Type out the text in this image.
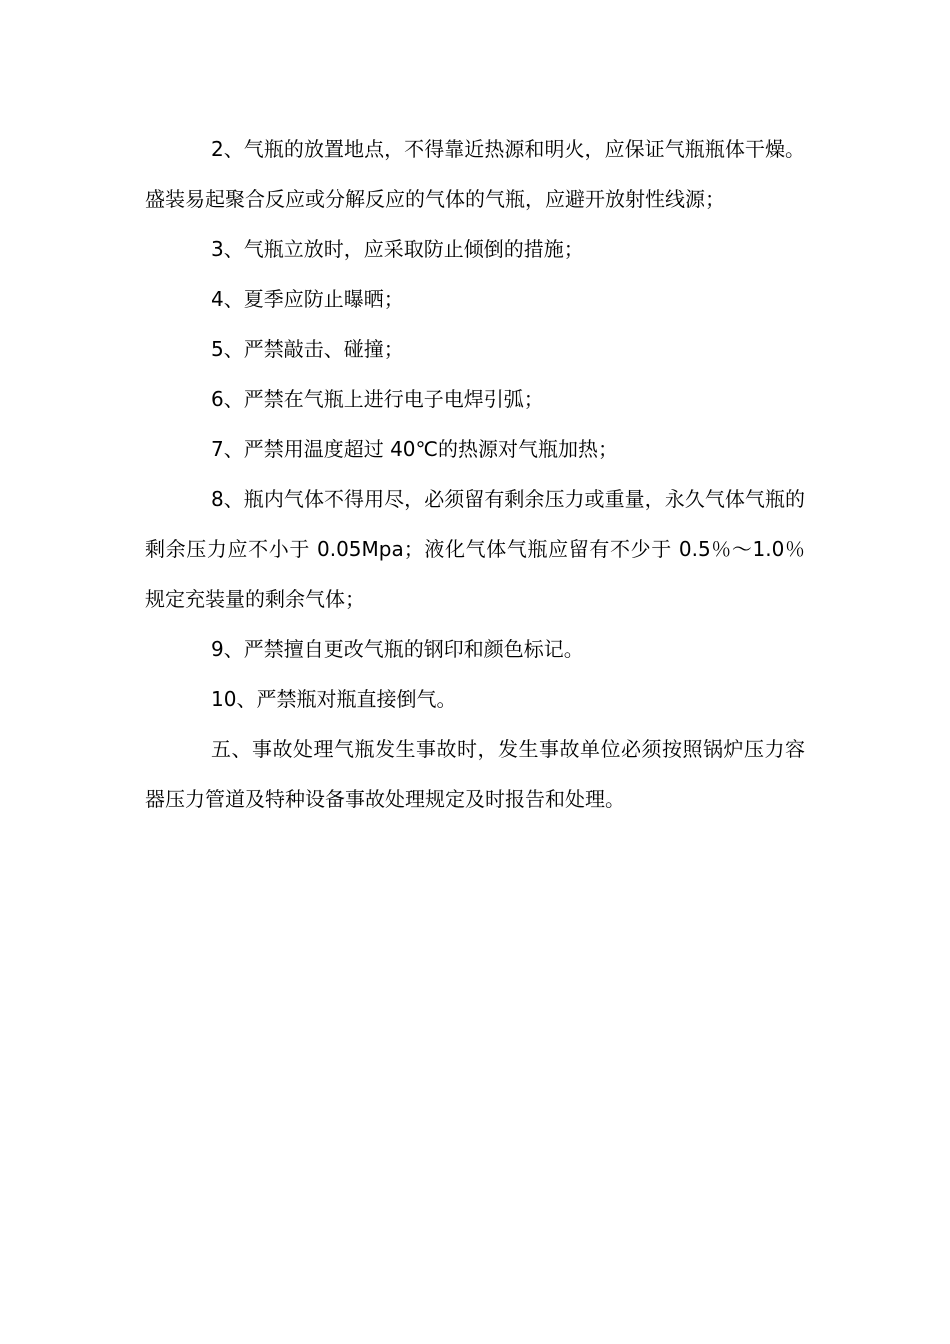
2、气瓶的放置地点，不得靠近热源和明火，应保证气瓶瓶体干燥。盛装易起聚合反应或分解反应的气体的气瓶，应避开放射性线源；

3、气瓶立放时，应采取防止倾倒的措施；

4、夏季应防止曝晒；

5、严禁敲击、碰撞；

6、严禁在气瓶上进行电子电焊引弧；

7、严禁用温度超过 40℃的热源对气瓶加热；

8、瓶内气体不得用尽，必须留有剩余压力或重量，永久气体气瓶的剩余压力应不小于 0.05Mpa；液化气体气瓶应留有不少于 0.5％～1.0％规定充装量的剩余气体；

9、严禁擅自更改气瓶的钢印和颜色标记。

10、严禁瓶对瓶直接倒气。

五、事故处理气瓶发生事故时，发生事故单位必须按照锅炉压力容器压力管道及特种设备事故处理规定及时报告和处理。
